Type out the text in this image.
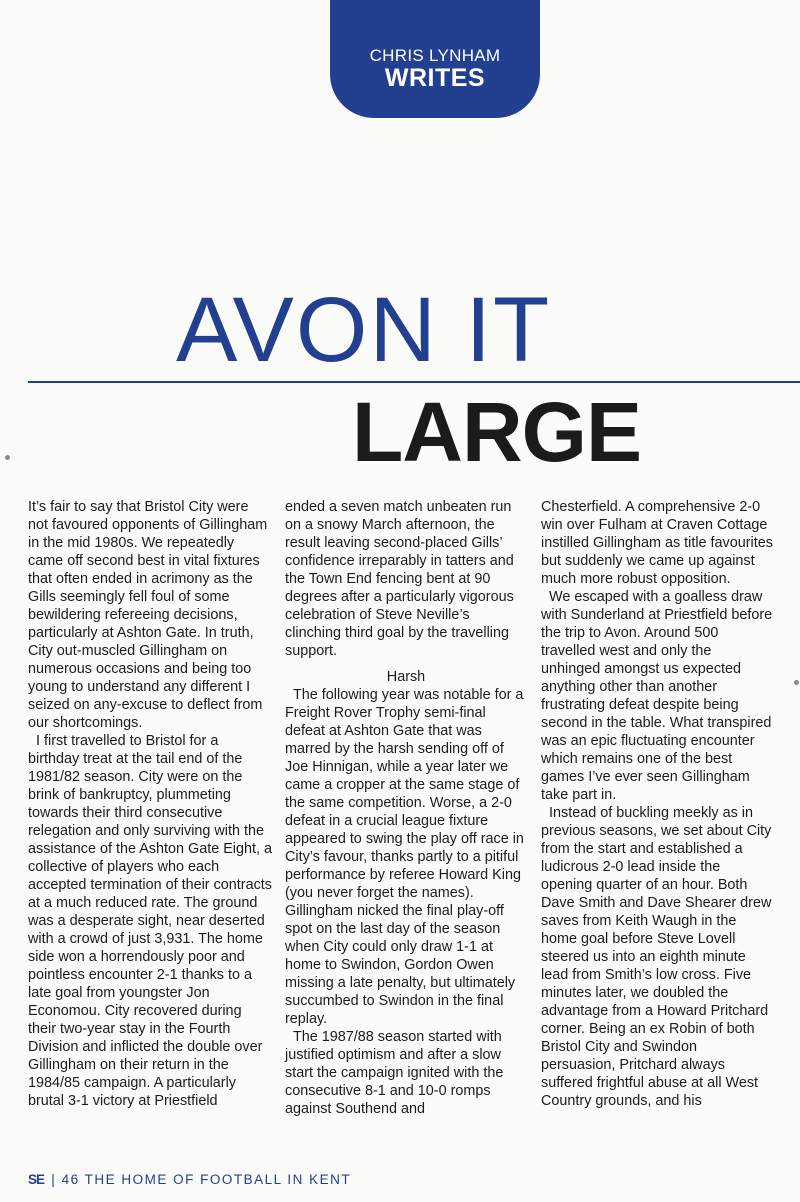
CHRIS LYNHAM
WRITES
AVON IT
LARGE

It’s fair to say that Bristol City were not favoured opponents of Gillingham in the mid 1980s. We repeatedly came off second best in vital fixtures that often ended in acrimony as the Gills seemingly fell foul of some bewildering refereeing decisions, particularly at Ashton Gate. In truth, City out-muscled Gillingham on numerous occasions and being too young to understand any different I seized on any-excuse to deflect from our shortcomings.

I first travelled to Bristol for a birthday treat at the tail end of the 1981/82 season. City were on the brink of bankruptcy, plummeting towards their third consecutive relegation and only surviving with the assistance of the Ashton Gate Eight, a collective of players who each accepted termination of their contracts at a much reduced rate. The ground was a desperate sight, near deserted with a crowd of just 3,931. The home side won a horrendously poor and pointless encounter 2-1 thanks to a late goal from youngster Jon Economou. City recovered during their two-year stay in the Fourth Division and inflicted the double over Gillingham on their return in the 1984/85 campaign. A particularly brutal 3-1 victory at Priestfield

ended a seven match unbeaten run on a snowy March afternoon, the result leaving second-placed Gills’ confidence irreparably in tatters and the Town End fencing bent at 90 degrees after a particularly vigorous celebration of Steve Neville’s clinching third goal by the travelling support.

Harsh

The following year was notable for a Freight Rover Trophy semi-final defeat at Ashton Gate that was marred by the harsh sending off of Joe Hinnigan, while a year later we came a cropper at the same stage of the same competition. Worse, a 2-0 defeat in a crucial league fixture appeared to swing the play off race in City’s favour, thanks partly to a pitiful performance by referee Howard King (you never forget the names). Gillingham nicked the final play-off spot on the last day of the season when City could only draw 1-1 at home to Swindon, Gordon Owen missing a late penalty, but ultimately succumbed to Swindon in the final replay.

The 1987/88 season started with justified optimism and after a slow start the campaign ignited with the consecutive 8-1 and 10-0 romps against Southend and

Chesterfield. A comprehensive 2-0 win over Fulham at Craven Cottage instilled Gillingham as title favourites but suddenly we came up against much more robust opposition.

We escaped with a goalless draw with Sunderland at Priestfield before the trip to Avon. Around 500 travelled west and only the unhinged amongst us expected anything other than another frustrating defeat despite being second in the table. What transpired was an epic fluctuating encounter which remains one of the best games I’ve ever seen Gillingham take part in.

Instead of buckling meekly as in previous seasons, we set about City from the start and established a ludicrous 2-0 lead inside the opening quarter of an hour. Both Dave Smith and Dave Shearer drew saves from Keith Waugh in the home goal before Steve Lovell steered us into an eighth minute lead from Smith’s low cross. Five minutes later, we doubled the advantage from a Howard Pritchard corner. Being an ex Robin of both Bristol City and Swindon persuasion, Pritchard always suffered frightful abuse at all West Country grounds, and his

SE | 46 THE HOME OF FOOTBALL IN KENT
